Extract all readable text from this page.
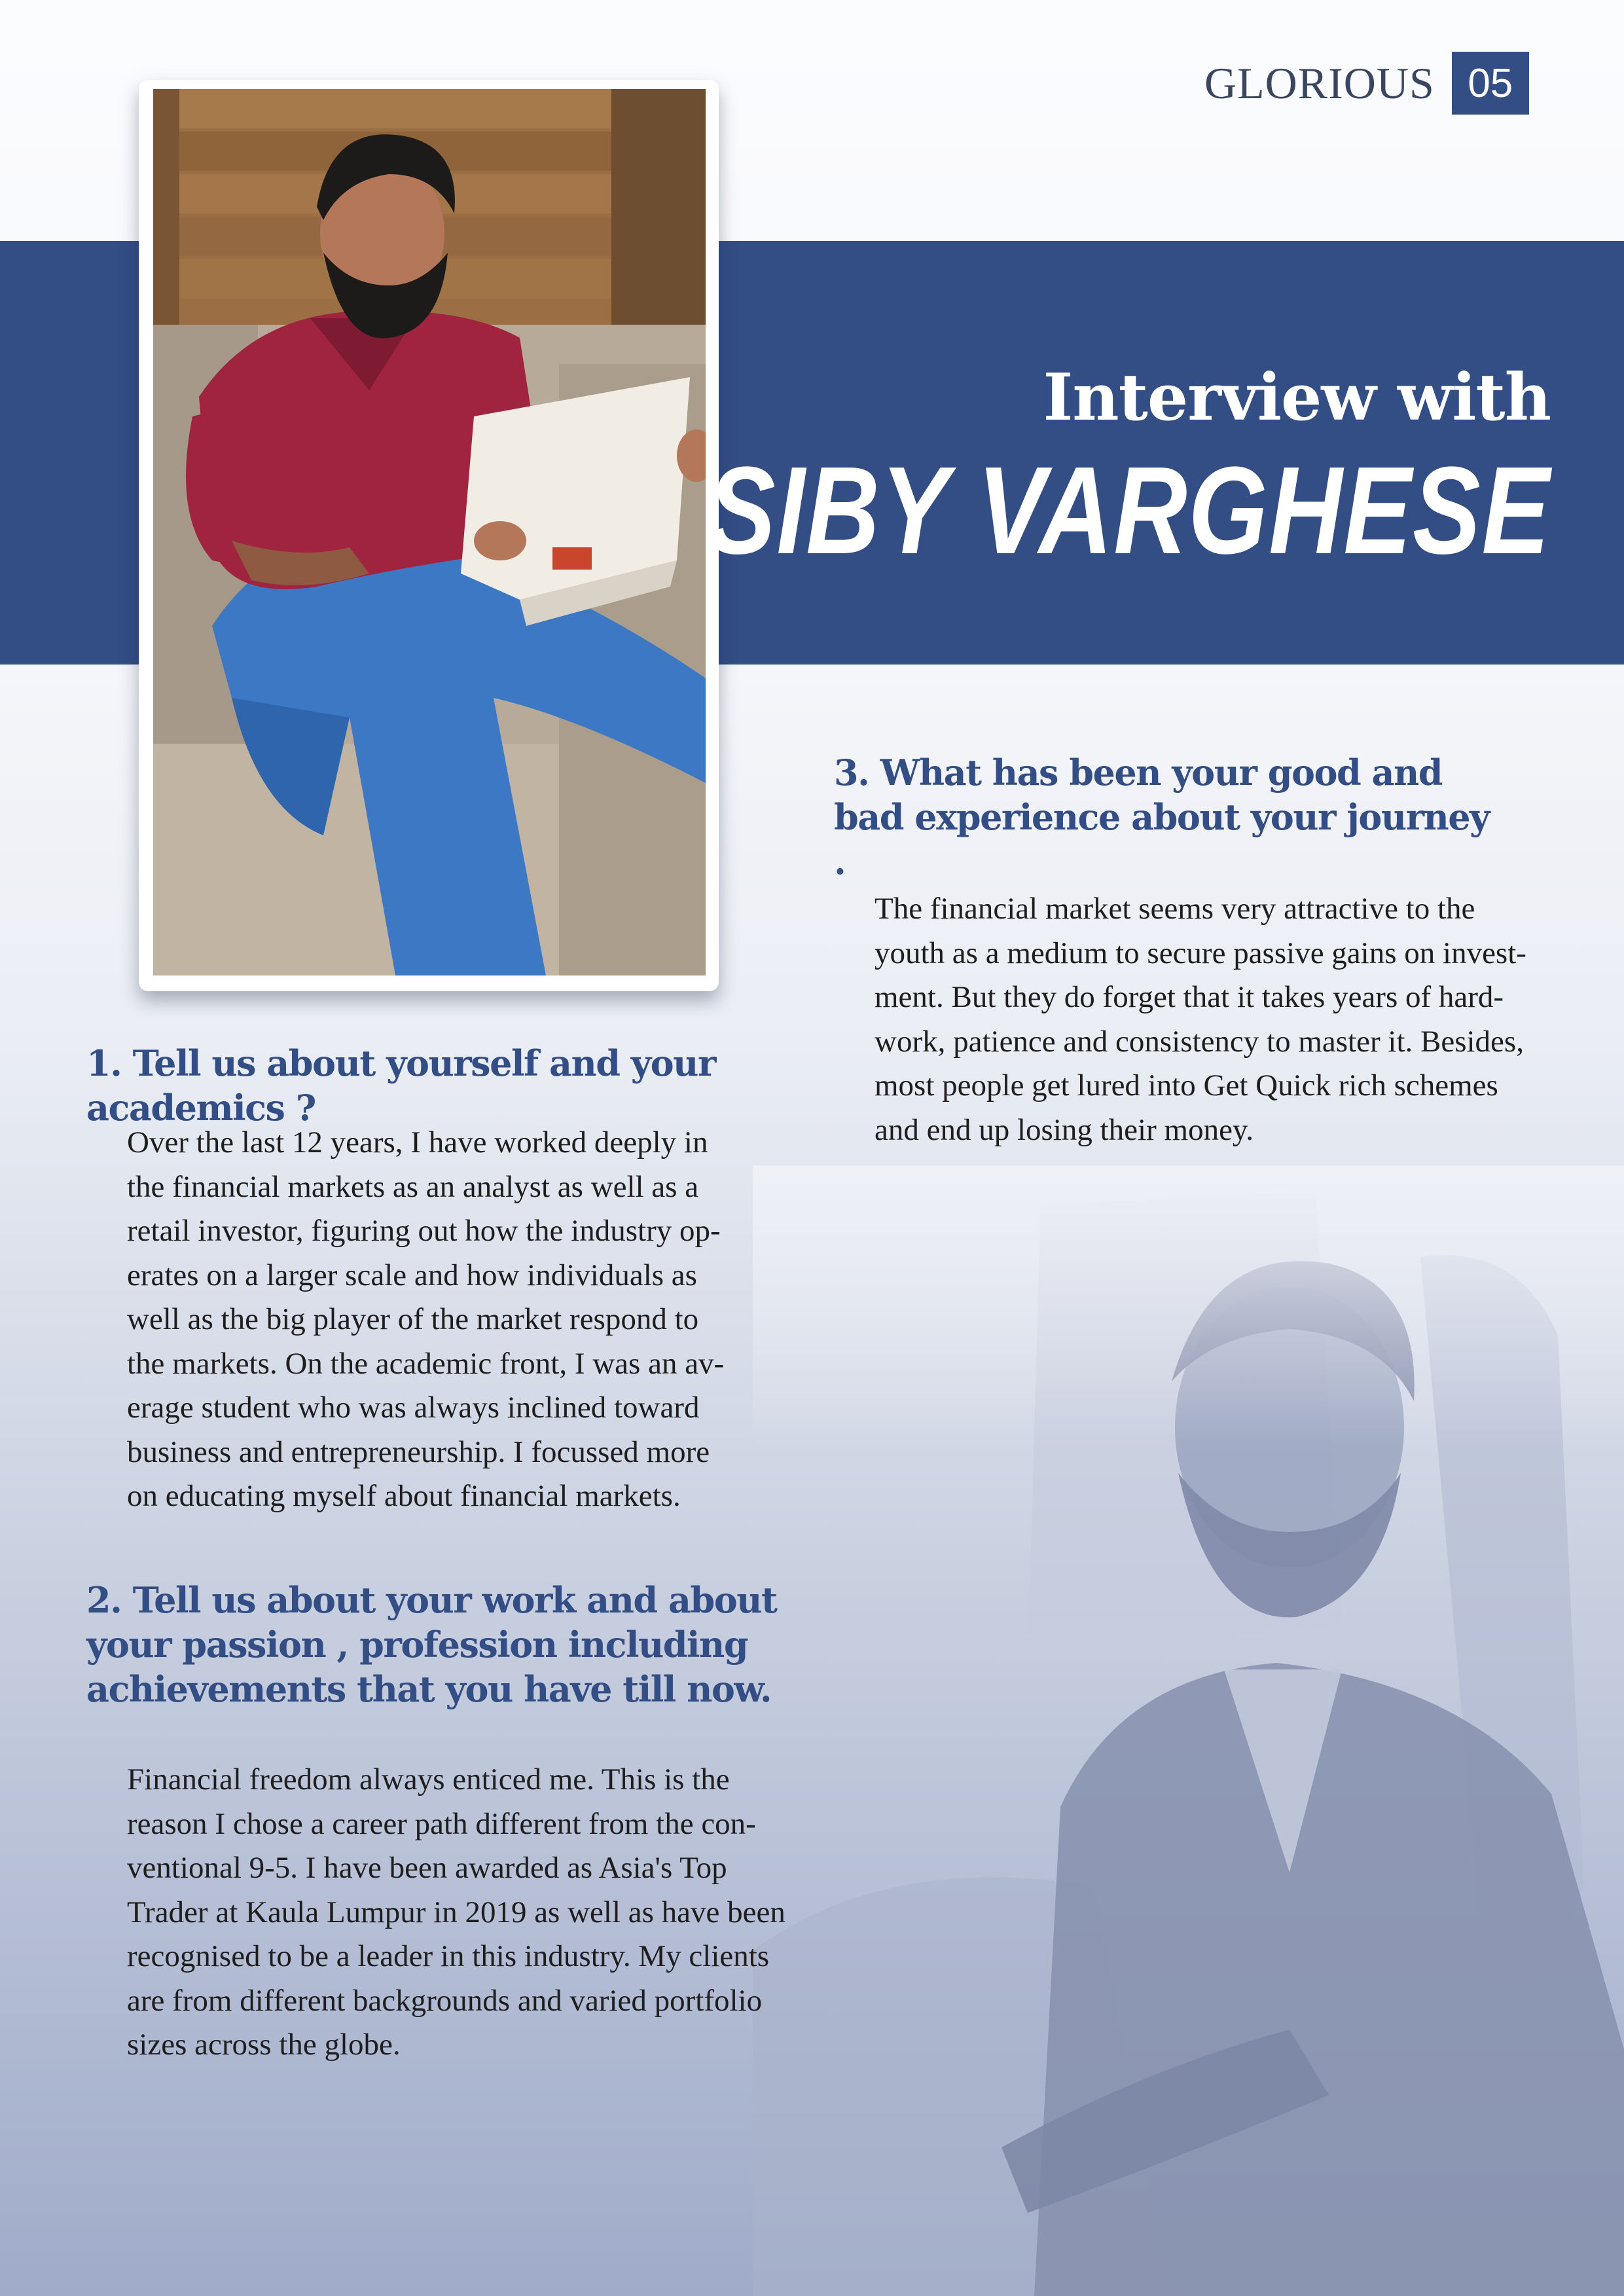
GLORIOUS 05
Interview with
SIBY VARGHESE
1. Tell us about yourself and your academics ?
Over the last 12 years, I have worked deeply in
the financial markets as an analyst as well as a
retail investor, figuring out how the industry op-
erates on a larger scale and how individuals as
well as the big player of the market respond to
the markets. On the academic front, I was an av-
erage student who was always inclined toward
business and entrepreneurship. I focussed more
on educating myself about financial markets.
2. Tell us about your work and about your passion , profession including achievements that you have till now.
Financial freedom always enticed me. This is the
reason I chose a career path different from the con-
ventional 9-5. I have been awarded as Asia's Top
Trader at Kaula Lumpur in 2019 as well as have been
recognised to be a leader in this industry. My clients
are from different backgrounds and varied portfolio
sizes across the globe.
3. What has been your good and bad experience about your journey .
The financial market seems very attractive to the
youth as a medium to secure passive gains on invest-
ment. But they do forget that it takes years of hard-
work, patience and consistency to master it. Besides,
most people get lured into Get Quick rich schemes
and end up losing their money.
